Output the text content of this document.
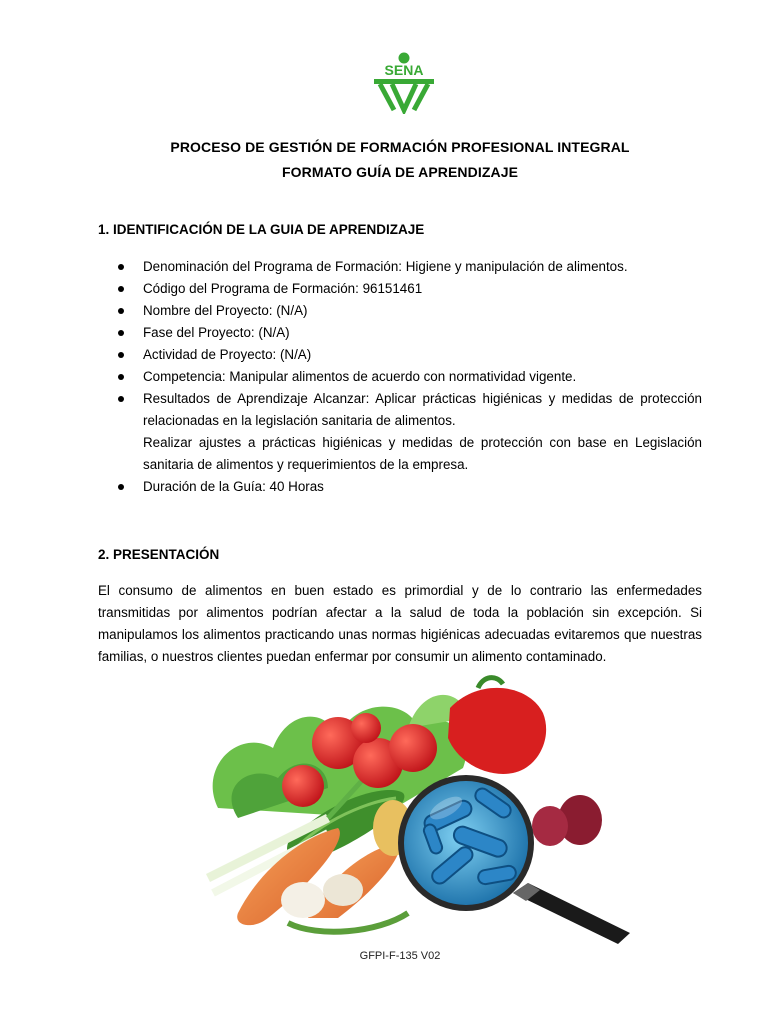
SENA
PROCESO DE GESTIÓN DE FORMACIÓN PROFESIONAL INTEGRAL
FORMATO GUÍA DE APRENDIZAJE
1. IDENTIFICACIÓN DE LA GUIA DE APRENDIZAJE
Denominación del Programa de Formación: Higiene y manipulación de alimentos.
Código del Programa de Formación: 96151461
Nombre del Proyecto: (N/A)
Fase del Proyecto: (N/A)
Actividad de Proyecto: (N/A)
Competencia: Manipular alimentos de acuerdo con normatividad vigente.
Resultados de Aprendizaje Alcanzar: Aplicar prácticas higiénicas y medidas de protección relacionadas en la legislación sanitaria de alimentos.
Realizar ajustes a prácticas higiénicas y medidas de protección con base en Legislación sanitaria de alimentos y requerimientos de la empresa.
Duración de la Guía: 40 Horas
2. PRESENTACIÓN

El consumo de alimentos en buen estado es primordial y de lo contrario las enfermedades transmitidas por alimentos podrían afectar a la salud de toda la población sin excepción. Si manipulamos los alimentos practicando unas normas higiénicas adecuadas evitaremos que nuestras familias, o nuestros clientes puedan enfermar por consumir un alimento contaminado.

GFPI-F-135 V02
